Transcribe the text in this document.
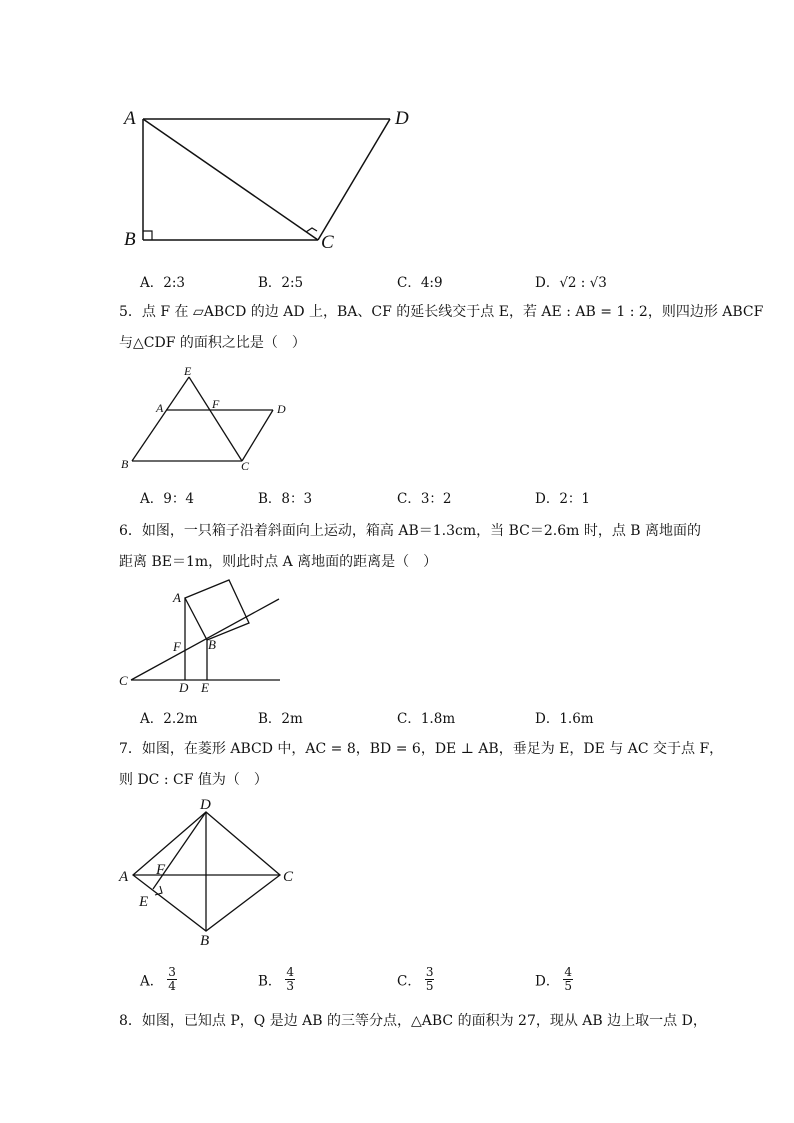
A	D
B	C
A．2:3	B．2:5	C．4:9	D．√2 : √3
5．点 F 在 ▱ABCD 的边 AD 上，BA、CF 的延长线交于点 E，若 AE : AB = 1 : 2，则四边形 ABCF
与△CDF 的面积之比是（　）
E
A	F	D
B	C
A．9：4	B．8：3	C．3：2	D．2：1
6．如图，一只箱子沿着斜面向上运动，箱高 AB＝1.3cm，当 BC＝2.6m 时，点 B 离地面的
距离 BE＝1m，则此时点 A 离地面的距离是（　）
A
F B
C	D E
A．2.2m	B．2m	C．1.8m	D．1.6m
7．如图，在菱形 ABCD 中，AC = 8，BD = 6，DE ⊥ AB，垂足为 E，DE 与 AC 交于点 F，
则 DC : CF 值为（　）
D
A F	C
E
B
A． $\frac{3}{4}$	B． $\frac{4}{3}$	C． $\frac{3}{5}$	D． $\frac{4}{5}$
8．如图，已知点 P，Q 是边 AB 的三等分点，△ABC 的面积为 27，现从 AB 边上取一点 D，
